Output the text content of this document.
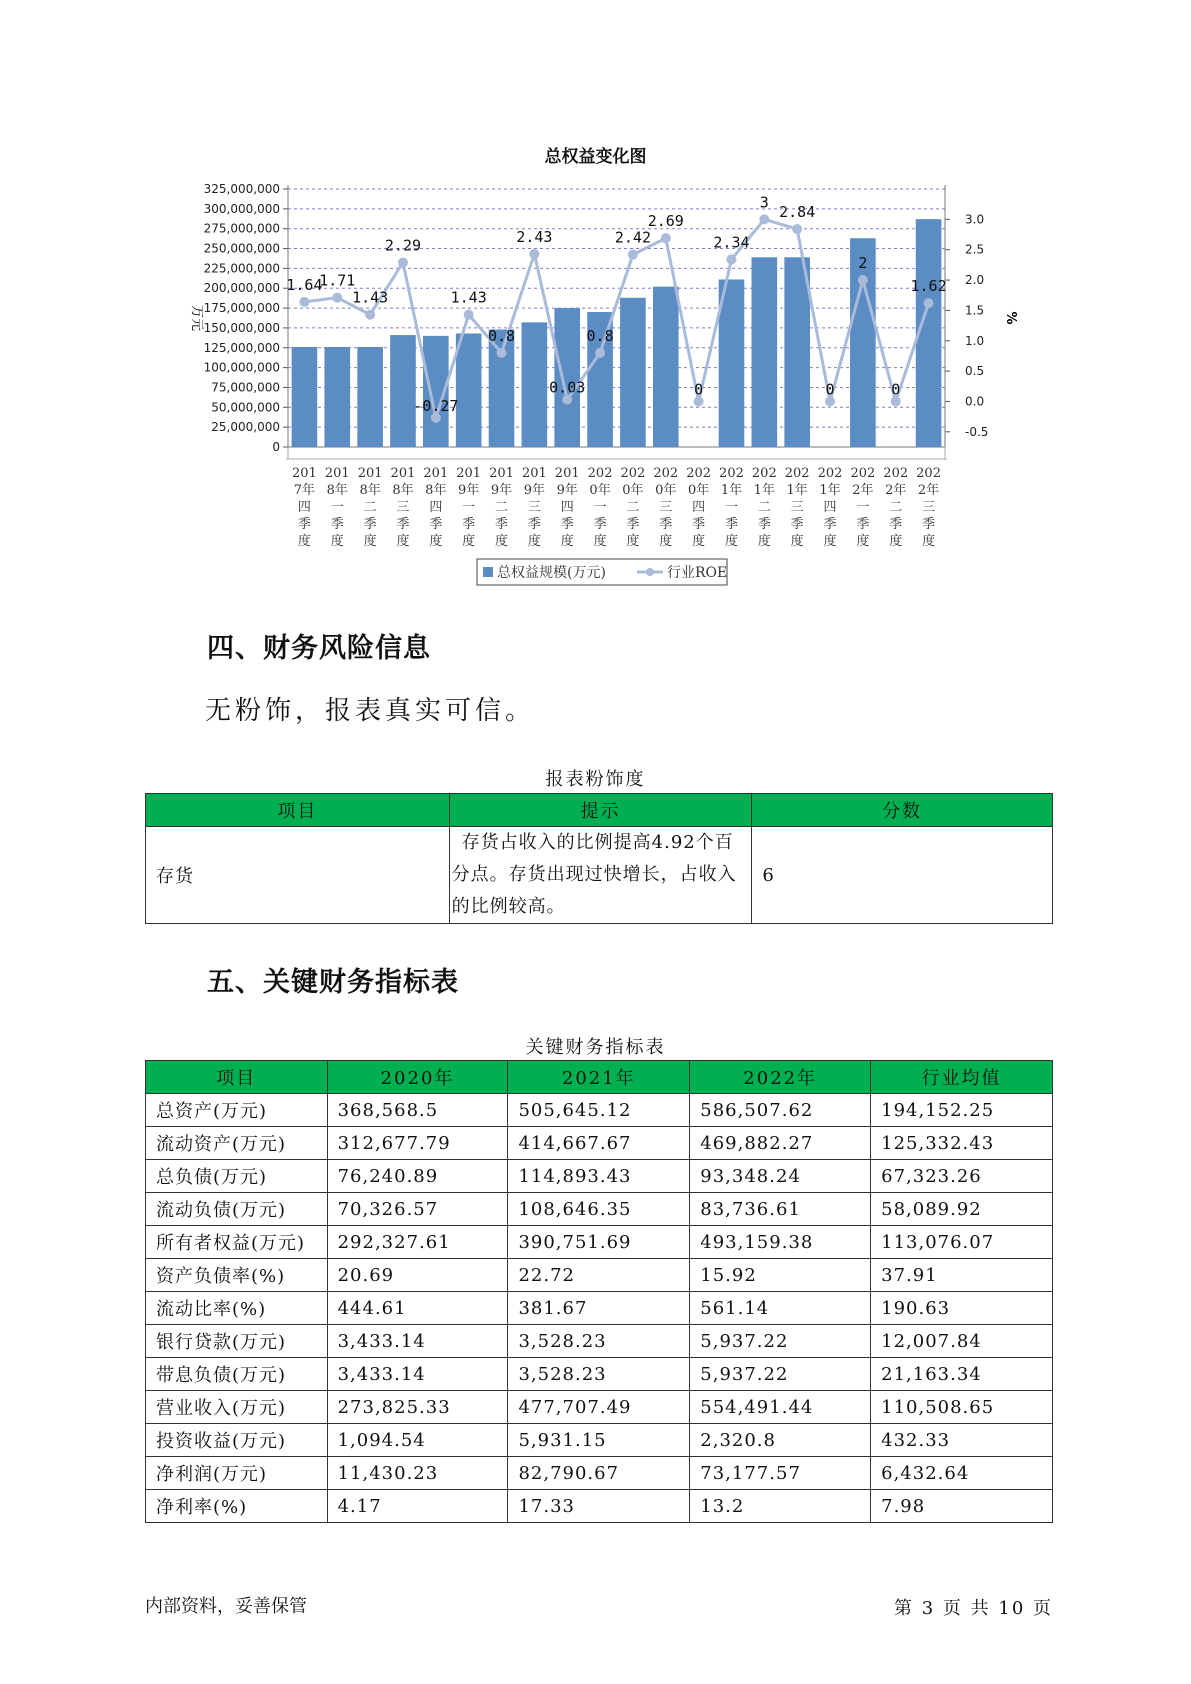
总权益变化图
0
25,000,000
50,000,000
75,000,000
100,000,000
125,000,000
150,000,000
175,000,000
200,000,000
225,000,000
250,000,000
275,000,000
300,000,000
325,000,000
-0.5
0.0
0.5
1.0
1.5
2.0
2.5
3.0
万元	%
201
7年
四
季
度
201
8年
一
季
度
201
8年
二
季
度
201
8年
三
季
度
201
8年
四
季
度
201
9年
一
季
度
201
9年
二
季
度
201
9年
三
季
度
201
9年
四
季
度
202
0年
一
季
度
202
0年
二
季
度
202
0年
三
季
度
202
0年
四
季
度
202
1年
一
季
度
202
1年
二
季
度
202
1年
三
季
度
202
1年
四
季
度
202
2年
一
季
度
202
2年
二
季
度
202
2年
三
季
度
1.64
1.71
1.43
2.29
-0.27
1.43
0.8
2.43
0.03
0.8
2.42
2.69
0
2.34
3
2.84
0
2
0
1.62
总权益规模(万元)	行业ROE
四、财务风险信息
无粉饰，报表真实可信。
报表粉饰度
项目	提示	分数
存货	存货占收入的比例提高4.92个百
分点。存货出现过快增长，占收入
的比例较高。	6
五、关键财务指标表
关键财务指标表
项目	2020年	2021年	2022年	行业均值
总资产(万元)	368,568.5	505,645.12	586,507.62	194,152.25
流动资产(万元)	312,677.79	414,667.67	469,882.27	125,332.43
总负债(万元)	76,240.89	114,893.43	93,348.24	67,323.26
流动负债(万元)	70,326.57	108,646.35	83,736.61	58,089.92
所有者权益(万元)	292,327.61	390,751.69	493,159.38	113,076.07
资产负债率(%)	20.69	22.72	15.92	37.91
流动比率(%)	444.61	381.67	561.14	190.63
银行贷款(万元)	3,433.14	3,528.23	5,937.22	12,007.84
带息负债(万元)	3,433.14	3,528.23	5,937.22	21,163.34
营业收入(万元)	273,825.33	477,707.49	554,491.44	110,508.65
投资收益(万元)	1,094.54	5,931.15	2,320.8	432.33
净利润(万元)	11,430.23	82,790.67	73,177.57	6,432.64
净利率(%)	4.17	17.33	13.2	7.98
内部资料，妥善保管	第 3 页 共 10 页
